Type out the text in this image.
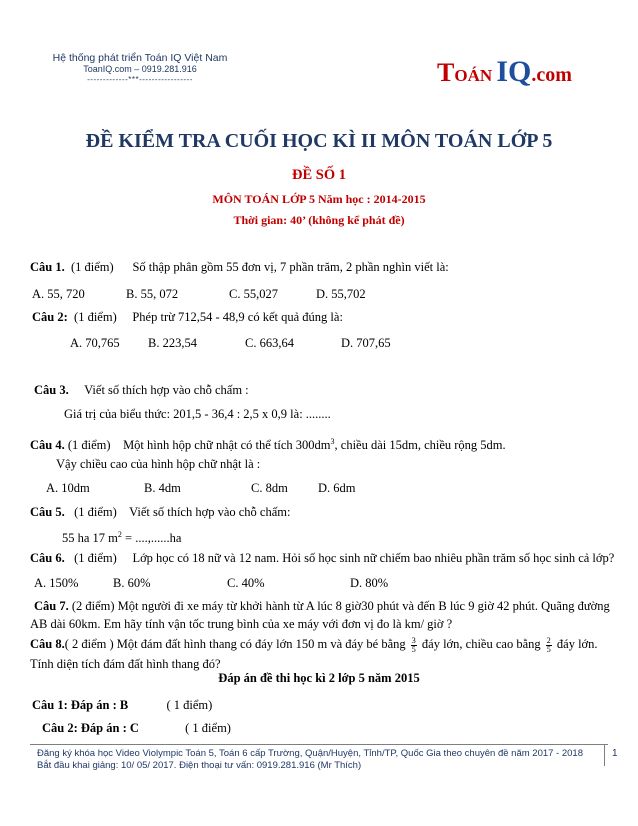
Hệ thống phát triển Toán IQ Việt Nam
ToanIQ.com – 0919.281.916
-------------***-----------------	TOÁN IQ.com
ĐỀ KIỂM TRA CUỐI HỌC KÌ II MÔN TOÁN LỚP 5
ĐỀ SỐ 1
MÔN TOÁN LỚP 5 Năm học : 2014-2015
Thời gian: 40’ (không kể phát đề)
Câu 1. (1 điểm) Số thập phân gồm 55 đơn vị, 7 phần trăm, 2 phần nghìn viết là:
A. 55, 720	B. 55, 072	C. 55,027	D. 55,702
Câu 2: (1 điểm) Phép trừ 712,54 - 48,9 có kết quả đúng là:
A. 70,765 B. 223,54	C. 663,64	D. 707,65
Câu 3. Viết số thích hợp vào chỗ chấm :
Giá trị của biểu thức: 201,5 - 36,4 : 2,5 x 0,9 là: ........
Câu 4. (1 điểm) Một hình hộp chữ nhật có thể tích $300dm^3$, chiều dài 15dm, chiều rộng 5dm.
Vậy chiều cao của hình hộp chữ nhật là :
A. 10dm	B. 4dm	C. 8dm D. 6dm
Câu 5. (1 điểm) Viết số thích hợp vào chỗ chấm:
55 ha 17 $m^2 = ....,......ha$
Câu 6. (1 điểm) Lớp học có 18 nữ và 12 nam. Hỏi số học sinh nữ chiếm bao nhiêu phần trăm số học sinh cả lớp?
A. 150%	B. 60%	C. 40%	D. 80%
Câu 7. (2 điểm) Một người đi xe máy từ khởi hành từ A lúc 8 giờ30 phút và đến B lúc 9 giờ 42 phút. Quãng đường AB dài 60km. Em hãy tính vận tốc trung bình của xe máy với đơn vị đo là km/ giờ ?
Câu 8.( 2 điểm ) Một đám đất hình thang có đáy lớn 150 m và đáy bé bằng $\frac{3}{5}$ đáy lớn, chiều cao bằng $\frac{2}{5}$ đáy lớn. Tính diện tích đám đất hình thang đó?
Đáp án đề thi học kì 2 lớp 5 năm 2015
Câu 1: Đáp án : B	( 1 điểm)
Câu 2: Đáp án : C	( 1 điểm)
Đăng ký khóa học Video Violympic Toán 5, Toán 6 cấp Trường, Quận/Huyện, Tỉnh/TP, Quốc Gia theo chuyên đề năm 2017 - 2018
Bắt đầu khai giảng: 10/ 05/ 2017. Điện thoại tư vấn: 0919.281.916 (Mr Thích)
1
